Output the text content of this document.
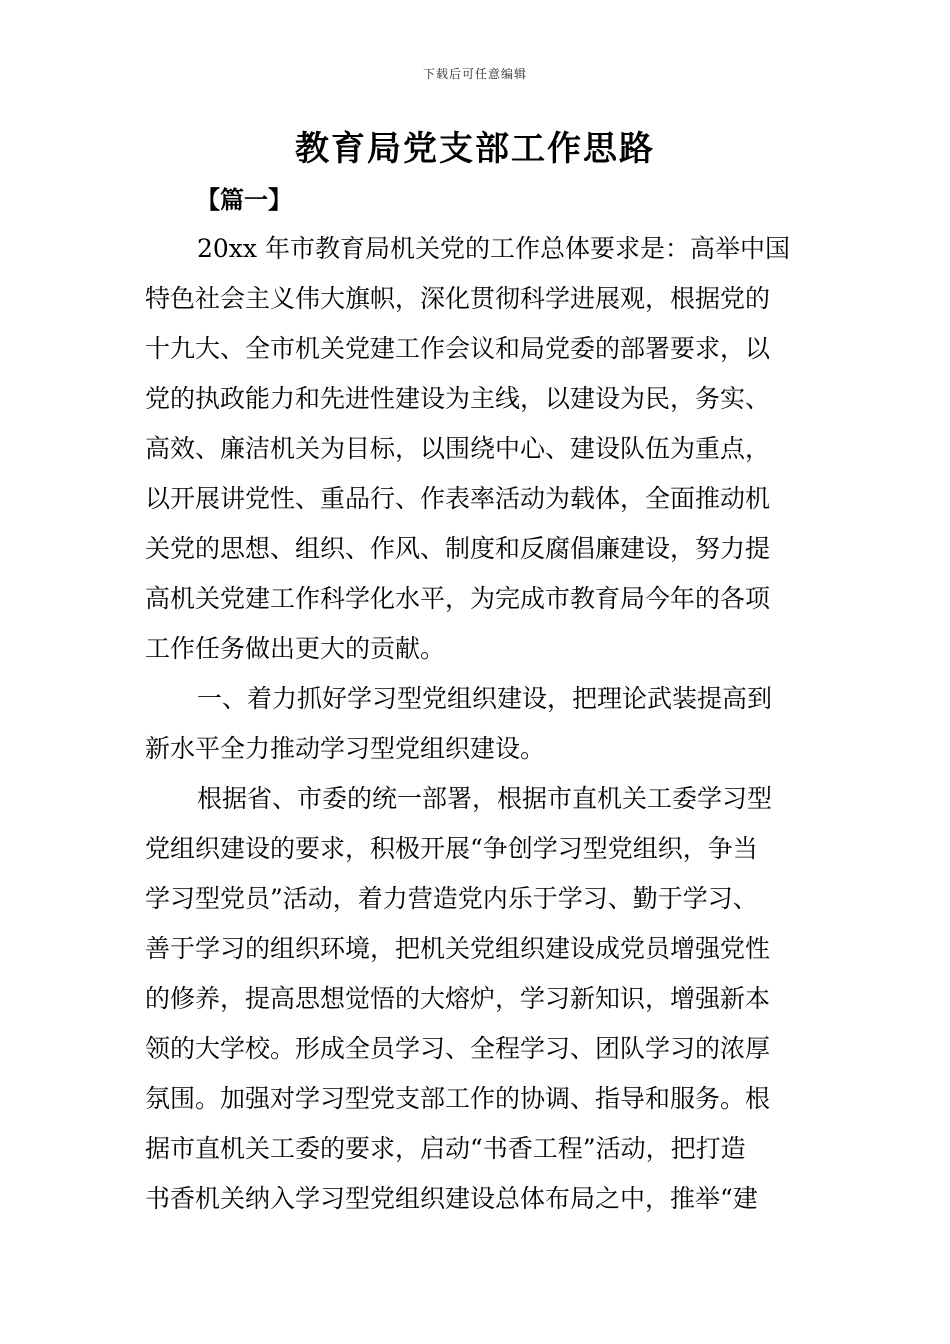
下载后可任意编辑
教育局党支部工作思路
【篇一】

20xx 年市教育局机关党的工作总体要求是：高举中国
特色社会主义伟大旗帜，深化贯彻科学进展观，根据党的
十九大、全市机关党建工作会议和局党委的部署要求，以
党的执政能力和先进性建设为主线，以建设为民，务实、
高效、廉洁机关为目标，以围绕中心、建设队伍为重点，
以开展讲党性、重品行、作表率活动为载体，全面推动机
关党的思想、组织、作风、制度和反腐倡廉建设，努力提
高机关党建工作科学化水平，为完成市教育局今年的各项
工作任务做出更大的贡献。

一、着力抓好学习型党组织建设，把理论武装提高到
新水平全力推动学习型党组织建设。

根据省、市委的统一部署，根据市直机关工委学习型
党组织建设的要求，积极开展“争创学习型党组织，争当
学习型党员”活动，着力营造党内乐于学习、勤于学习、
善于学习的组织环境，把机关党组织建设成党员增强党性
的修养，提高思想觉悟的大熔炉，学习新知识，增强新本
领的大学校。形成全员学习、全程学习、团队学习的浓厚
氛围。加强对学习型党支部工作的协调、指导和服务。根
据市直机关工委的要求，启动“书香工程”活动，把打造
书香机关纳入学习型党组织建设总体布局之中，推举“建
